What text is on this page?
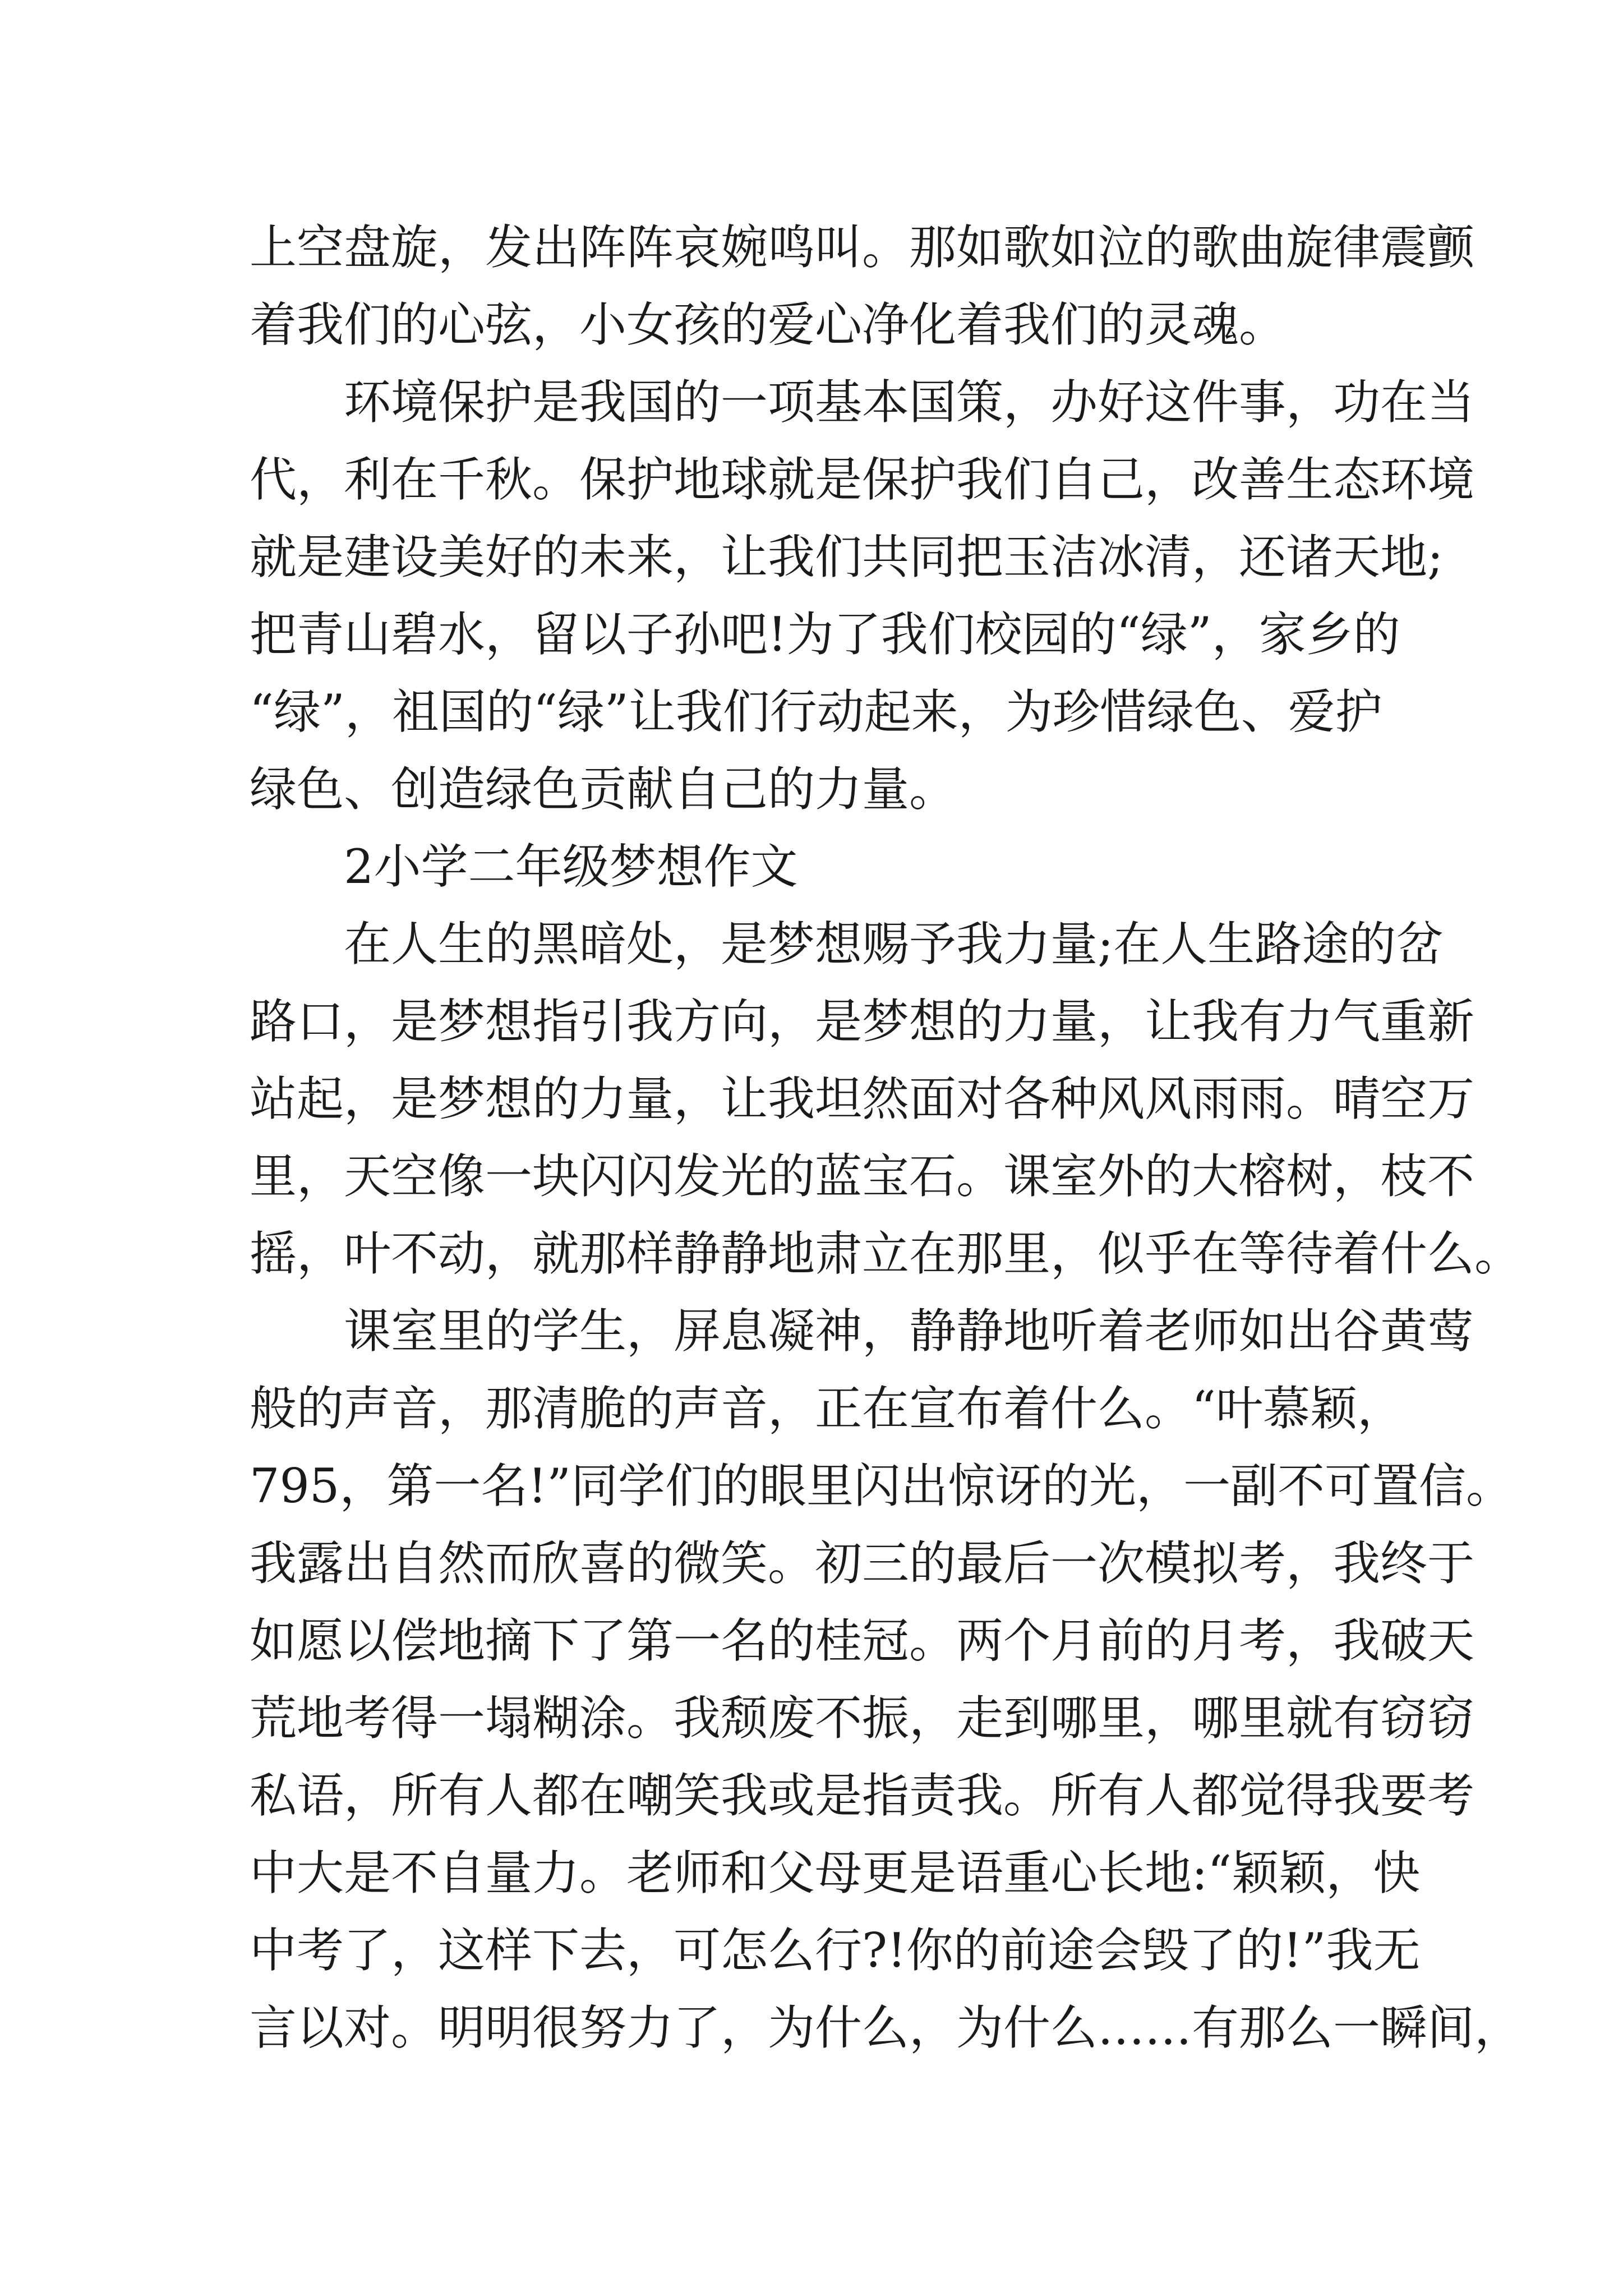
上空盘旋，发出阵阵哀婉鸣叫。那如歌如泣的歌曲旋律震颤
着我们的心弦，小女孩的爱心净化着我们的灵魂。
环境保护是我国的一项基本国策，办好这件事，功在当
代，利在千秋。保护地球就是保护我们自己，改善生态环境
就是建设美好的未来，让我们共同把玉洁冰清，还诸天地;
把青山碧水，留以子孙吧!为了我们校园的“绿”，家乡的
“绿”，祖国的“绿”让我们行动起来，为珍惜绿色、爱护
绿色、创造绿色贡献自己的力量。
2小学二年级梦想作文
在人生的黑暗处，是梦想赐予我力量;在人生路途的岔
路口，是梦想指引我方向，是梦想的力量，让我有力气重新
站起，是梦想的力量，让我坦然面对各种风风雨雨。晴空万
里，天空像一块闪闪发光的蓝宝石。课室外的大榕树，枝不
摇，叶不动，就那样静静地肃立在那里，似乎在等待着什么。
课室里的学生，屏息凝神，静静地听着老师如出谷黄莺
般的声音，那清脆的声音，正在宣布着什么。“叶慕颖，
795，第一名!”同学们的眼里闪出惊讶的光，一副不可置信。
我露出自然而欣喜的微笑。初三的最后一次模拟考，我终于
如愿以偿地摘下了第一名的桂冠。两个月前的月考，我破天
荒地考得一塌糊涂。我颓废不振，走到哪里，哪里就有窃窃
私语，所有人都在嘲笑我或是指责我。所有人都觉得我要考
中大是不自量力。老师和父母更是语重心长地:“颖颖，快
中考了，这样下去，可怎么行?!你的前途会毁了的!”我无
言以对。明明很努力了，为什么，为什么……有那么一瞬间，
